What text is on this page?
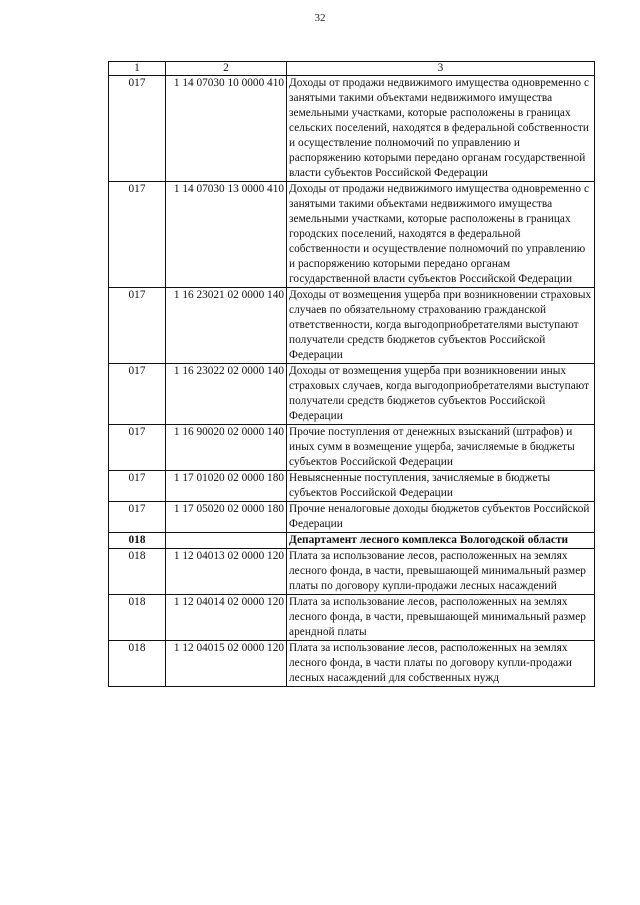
32
1	2	3
017	1 14 07030 10 0000 410	Доходы от продажи недвижимого имущества одновременно с занятыми такими объектами недвижимого имущества земельными участками, которые расположены в границах сельских поселений, находятся в федеральной собственности и осуществление полномочий по управлению и распоряжению которыми передано органам государственной власти субъектов Российской Федерации
017	1 14 07030 13 0000 410	Доходы от продажи недвижимого имущества одновременно с занятыми такими объектами недвижимого имущества земельными участками, которые расположены в границах городских поселений, находятся в федеральной собственности и осуществление полномочий по управлению и распоряжению которыми передано органам государственной власти субъектов Российской Федерации
017	1 16 23021 02 0000 140	Доходы от возмещения ущерба при возникновении страховых случаев по обязательному страхованию гражданской ответственности, когда выгодоприобретателями выступают получатели средств бюджетов субъектов Российской Федерации
017	1 16 23022 02 0000 140	Доходы от возмещения ущерба при возникновении иных страховых случаев, когда выгодоприобретателями выступают получатели средств бюджетов субъектов Российской Федерации
017	1 16 90020 02 0000 140	Прочие поступления от денежных взысканий (штрафов) и иных сумм в возмещение ущерба, зачисляемые в бюджеты субъектов Российской Федерации
017	1 17 01020 02 0000 180	Невыясненные поступления, зачисляемые в бюджеты субъектов Российской Федерации
017	1 17 05020 02 0000 180	Прочие неналоговые доходы бюджетов субъектов Российской Федерации
018		Департамент лесного комплекса Вологодской области
018	1 12 04013 02 0000 120	Плата за использование лесов, расположенных на землях лесного фонда, в части, превышающей минимальный размер платы по договору купли-продажи лесных насаждений
018	1 12 04014 02 0000 120	Плата за использование лесов, расположенных на землях лесного фонда, в части, превышающей минимальный размер арендной платы
018	1 12 04015 02 0000 120	Плата за использование лесов, расположенных на землях лесного фонда, в части платы по договору купли-продажи лесных насаждений для собственных нужд
